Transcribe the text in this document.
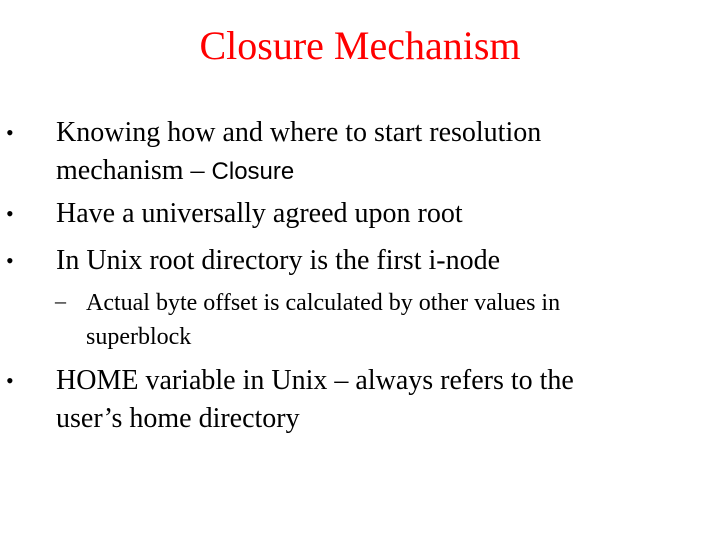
Closure Mechanism
• Knowing how and where to start resolution
mechanism – Closure
• Have a universally agreed upon root
• In Unix root directory is the first i-node
– Actual byte offset is calculated by other values in
superblock
• HOME variable in Unix – always refers to the
user’s home directory
